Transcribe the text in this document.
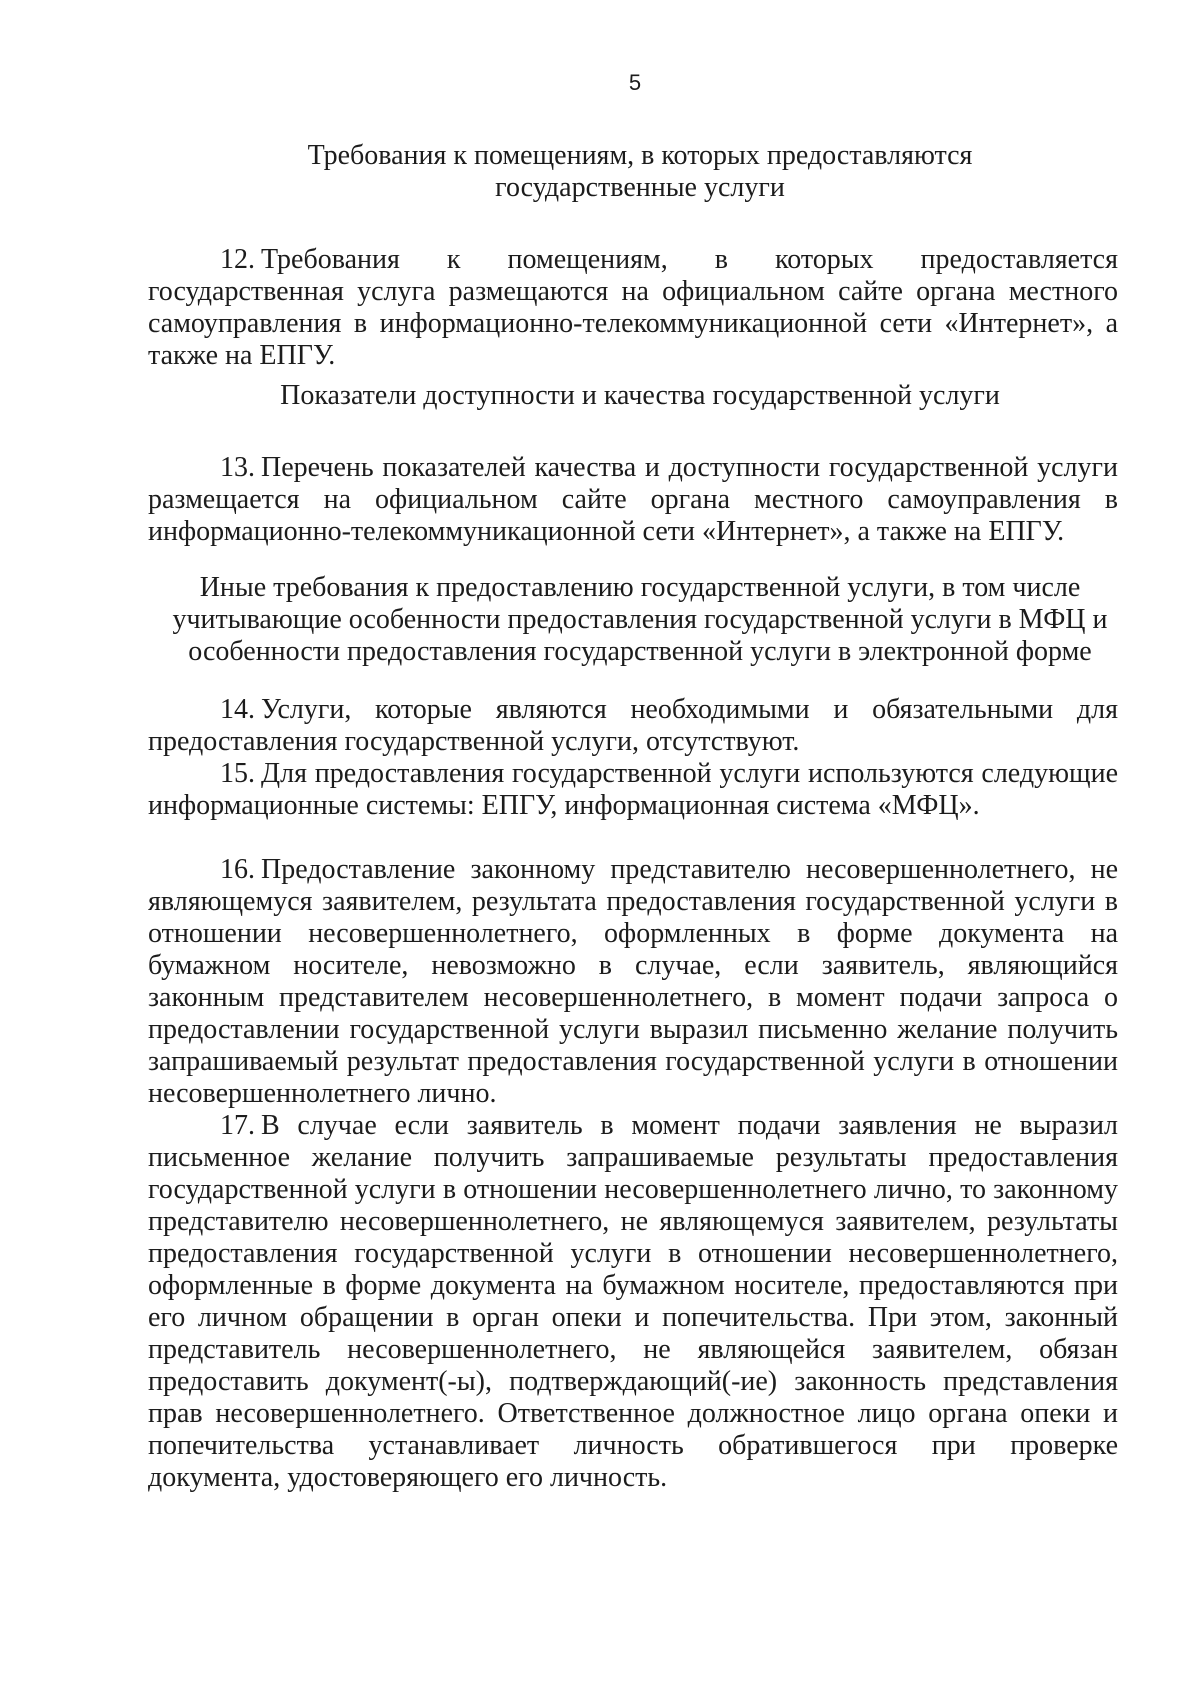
5
Требования к помещениям, в которых предоставляются государственные услуги
12. Требования к помещениям, в которых предоставляется государственная услуга размещаются на официальном сайте органа местного самоуправления в информационно-телекоммуникационной сети «Интернет», а также на ЕПГУ.
Показатели доступности и качества государственной услуги
13. Перечень показателей качества и доступности государственной услуги размещается на официальном сайте органа местного самоуправления в информационно-телекоммуникационной сети «Интернет», а также на ЕПГУ.
Иные требования к предоставлению государственной услуги, в том числе учитывающие особенности предоставления государственной услуги в МФЦ и особенности предоставления государственной услуги в электронной форме
14. Услуги, которые являются необходимыми и обязательными для предоставления государственной услуги, отсутствуют.
15. Для предоставления государственной услуги используются следующие информационные системы: ЕПГУ, информационная система «МФЦ».
16. Предоставление законному представителю несовершеннолетнего, не являющемуся заявителем, результата предоставления государственной услуги в отношении несовершеннолетнего, оформленных в форме документа на бумажном носителе, невозможно в случае, если заявитель, являющийся законным представителем несовершеннолетнего, в момент подачи запроса о предоставлении государственной услуги выразил письменно желание получить запрашиваемый результат предоставления государственной услуги в отношении несовершеннолетнего лично.
17. В случае если заявитель в момент подачи заявления не выразил письменное желание получить запрашиваемые результаты предоставления государственной услуги в отношении несовершеннолетнего лично, то законному представителю несовершеннолетнего, не являющемуся заявителем, результаты предоставления государственной услуги в отношении несовершеннолетнего, оформленные в форме документа на бумажном носителе, предоставляются при его личном обращении в орган опеки и попечительства. При этом, законный представитель несовершеннолетнего, не являющейся заявителем, обязан предоставить документ(-ы), подтверждающий(-ие) законность представления прав несовершеннолетнего. Ответственное должностное лицо органа опеки и попечительства устанавливает личность обратившегося при проверке документа, удостоверяющего его личность.
